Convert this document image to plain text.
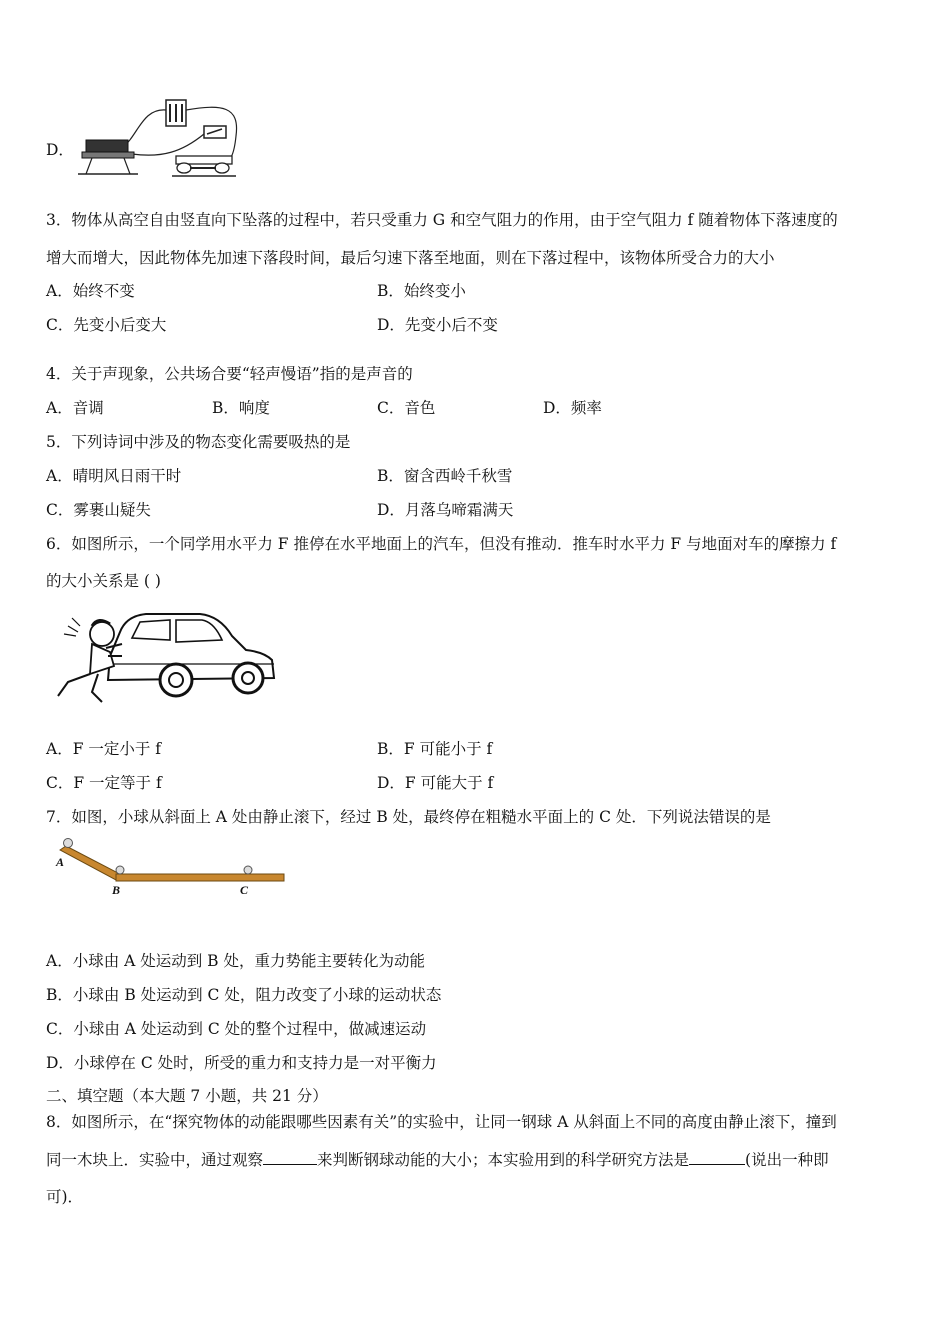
D．
3．物体从高空自由竖直向下坠落的过程中，若只受重力 G 和空气阻力的作用，由于空气阻力 f 随着物体下落速度的
增大而增大，因此物体先加速下落段时间，最后匀速下落至地面，则在下落过程中，该物体所受合力的大小
A．始终不变	B．始终变小
C．先变小后变大	D．先变小后不变
4．关于声现象，公共场合要“轻声慢语”指的是声音的
A．音调	B．响度	C．音色	D．频率
5．下列诗词中涉及的物态变化需要吸热的是
A．晴明风日雨干时	B．窗含西岭千秋雪
C．雾裹山疑失	D．月落乌啼霜满天
6．如图所示，一个同学用水平力 F 推停在水平地面上的汽车，但没有推动．推车时水平力 F 与地面对车的摩擦力 f
的大小关系是 ( )
A．F 一定小于 f	B．F 可能小于 f
C．F 一定等于 f	D．F 可能大于 f
7．如图，小球从斜面上 A 处由静止滚下，经过 B 处，最终停在粗糙水平面上的 C 处．下列说法错误的是
A
B	C
A．小球由 A 处运动到 B 处，重力势能主要转化为动能
B．小球由 B 处运动到 C 处，阻力改变了小球的运动状态
C．小球由 A 处运动到 C 处的整个过程中，做减速运动
D．小球停在 C 处时，所受的重力和支持力是一对平衡力
二、填空题（本大题 7 小题，共 21 分）
8．如图所示，在“探究物体的动能跟哪些因素有关”的实验中，让同一钢球 A 从斜面上不同的高度由静止滚下，撞到
同一木块上．实验中，通过观察	来判断钢球动能的大小；本实验用到的科学研究方法是	(说出一种即
可)．
